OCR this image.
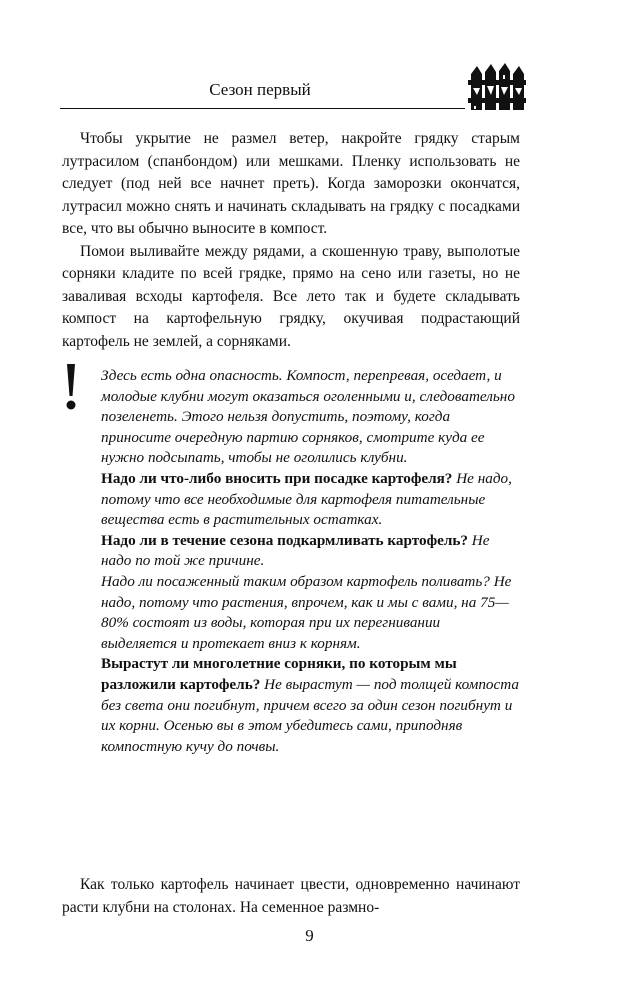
Сезон первый

Чтобы укрытие не размел ветер, накройте грядку старым лутрасилом (спанбондом) или мешками. Пленку использовать не следует (под ней все начнет преть). Когда заморозки окончатся, лутрасил можно снять и начинать складывать на грядку с посадками все, что вы обычно выносите в компост.

Помои выливайте между рядами, а скошенную траву, выполотые сорняки кладите по всей грядке, прямо на сено или газеты, но не заваливая всходы картофеля. Все лето так и будете складывать компост на картофельную грядку, окучивая подрастающий картофель не землей, а сорняками.

Здесь есть одна опасность. Компост, перепревая, оседает, и молодые клубни могут оказаться оголенными и, следовательно позеленеть. Этого нельзя допустить, поэтому, когда приносите очередную партию сорняков, смотрите куда ее нужно подсыпать, чтобы не оголились клубни.

Надо ли что-либо вносить при посадке картофеля? Не надо, потому что все необходимые для картофеля питательные вещества есть в растительных остатках.

Надо ли в течение сезона подкармливать картофель? Не надо по той же причине.

Надо ли посаженный таким образом картофель поливать? Не надо, потому что растения, впрочем, как и мы с вами, на 75—80% состоят из воды, которая при их перегнивании выделяется и протекает вниз к корням.

Вырастут ли многолетние сорняки, по которым мы разложили картофель? Не вырастут — под толщей компоста без света они погибнут, причем всего за один сезон погибнут и их корни. Осенью вы в этом убедитесь сами, приподняв компостную кучу до почвы.

Как только картофель начинает цвести, одновременно начинают расти клубни на столонах. На семенное размно-

9
